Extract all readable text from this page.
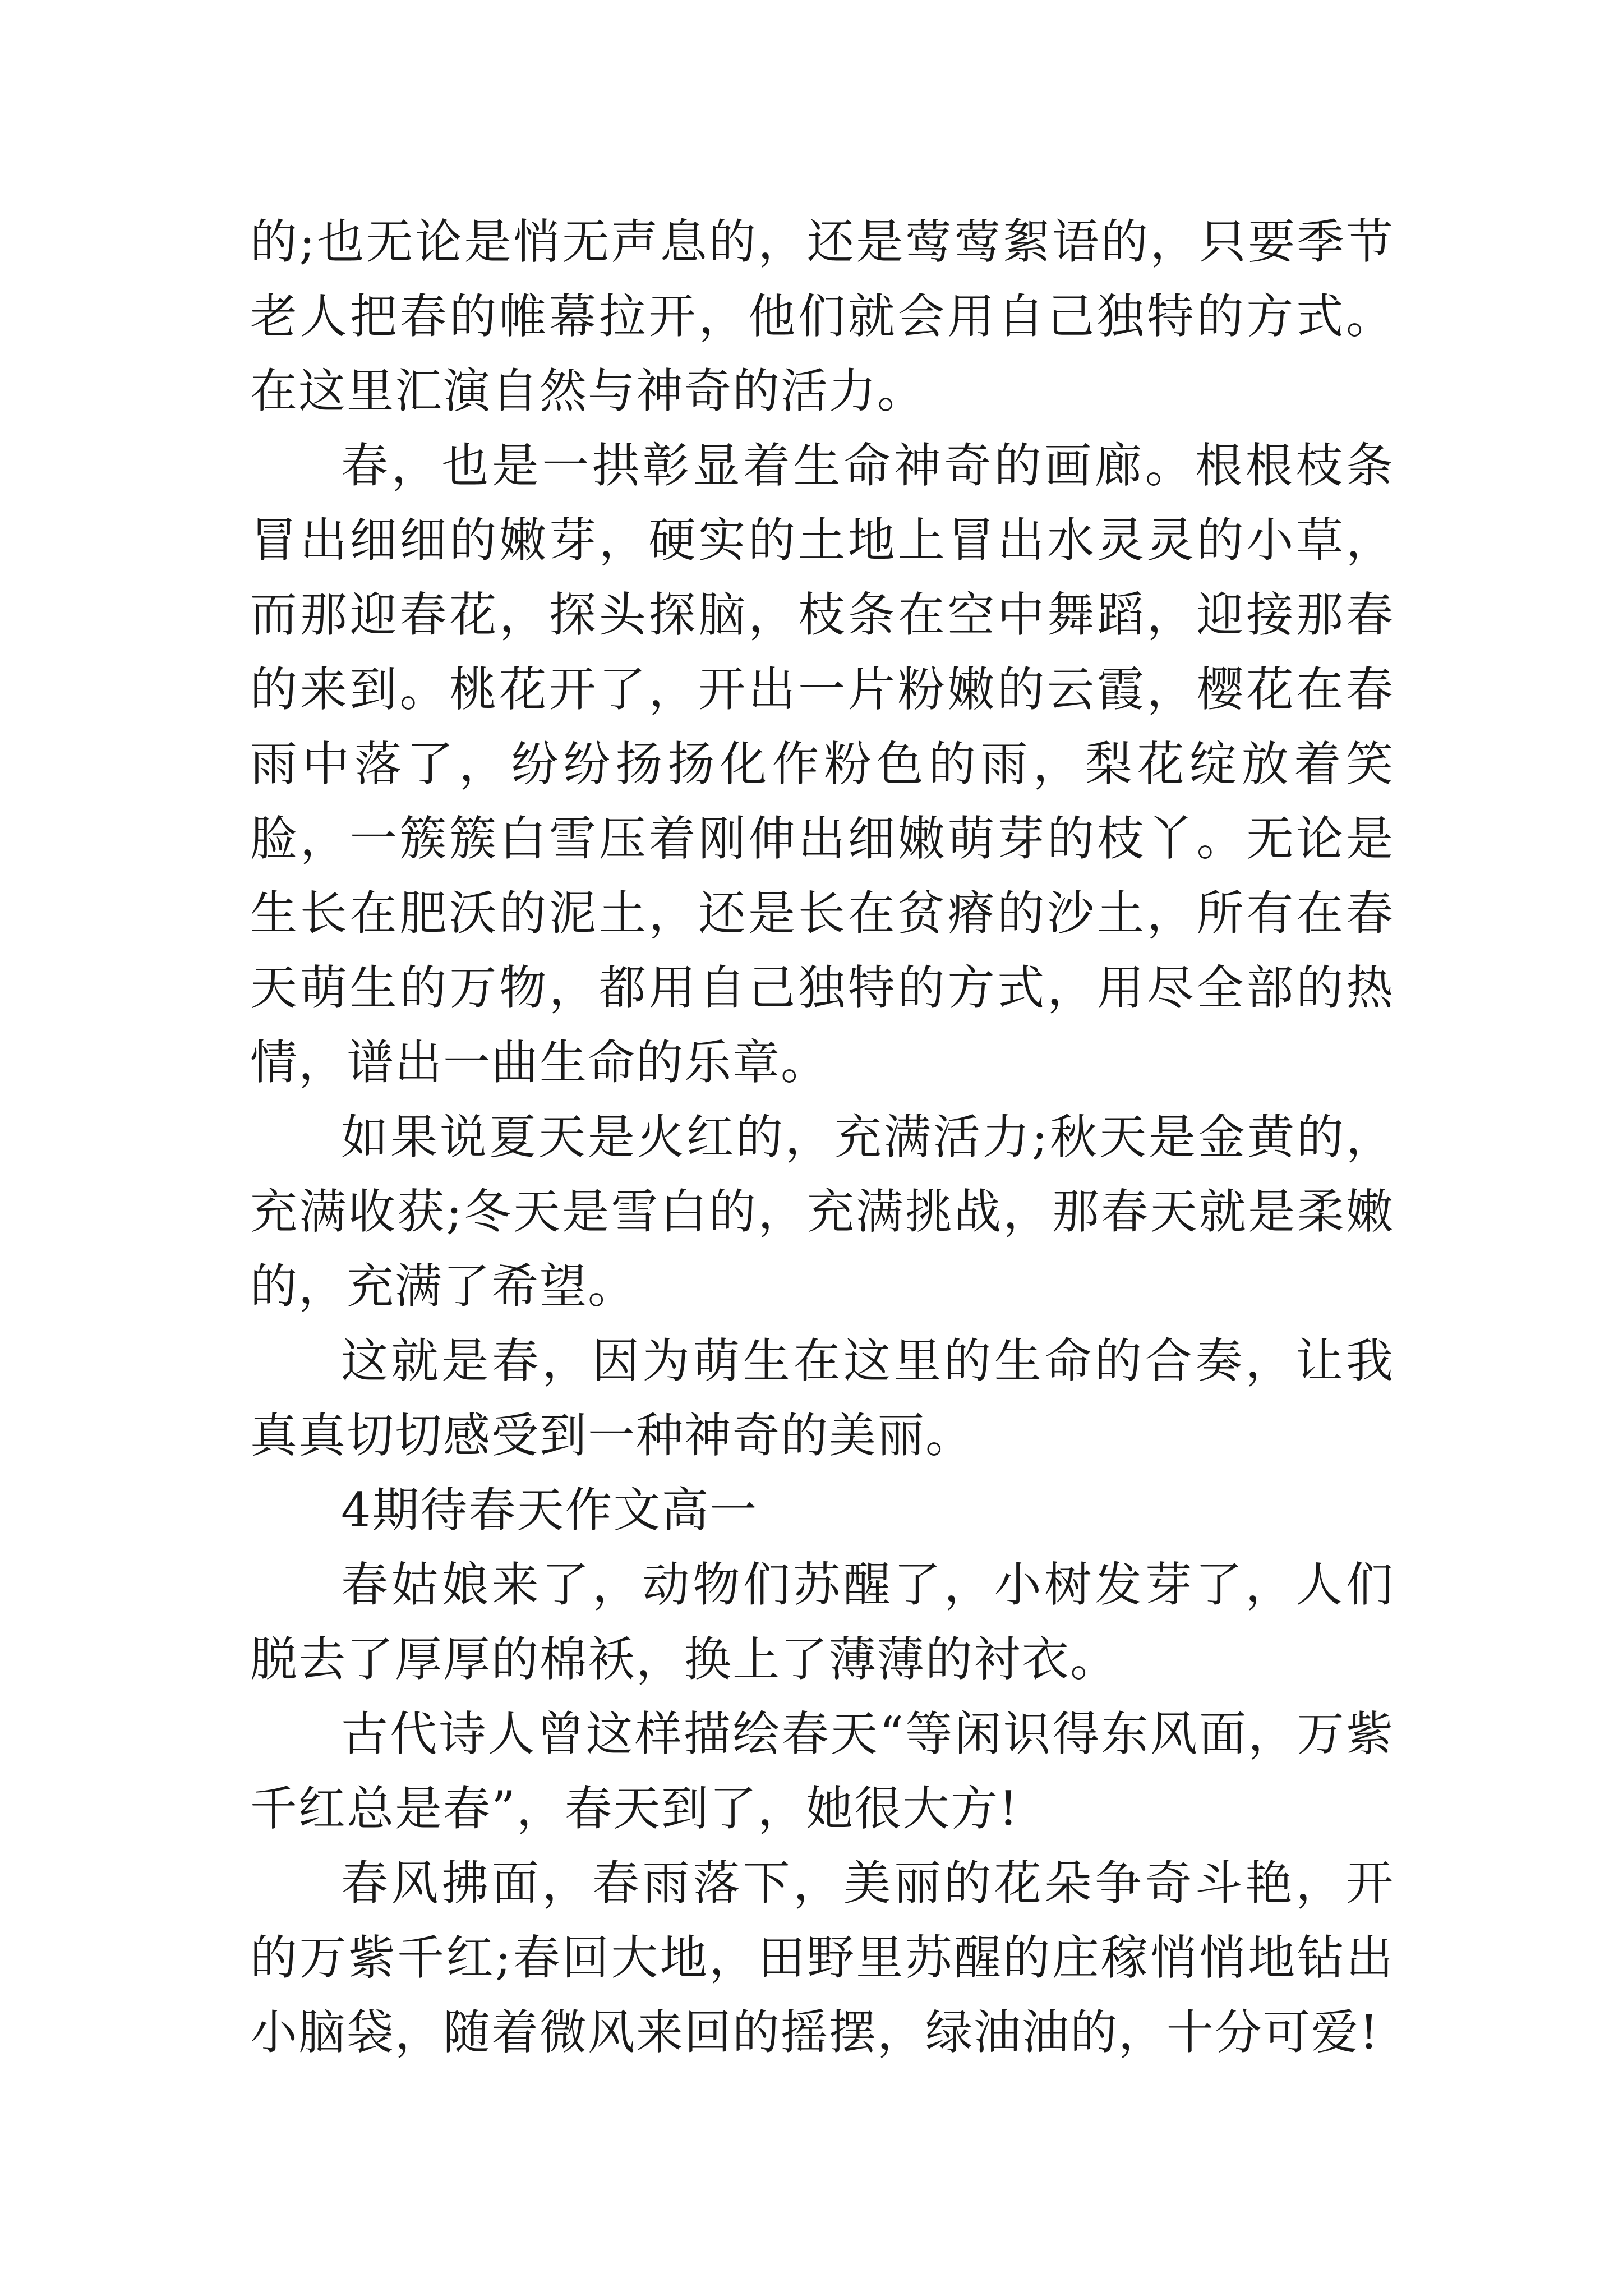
的;也无论是悄无声息的，还是莺莺絮语的，只要季节老人把春的帷幕拉开，他们就会用自己独特的方式。在这里汇演自然与神奇的活力。

春，也是一拱彰显着生命神奇的画廊。根根枝条冒出细细的嫩芽，硬实的土地上冒出水灵灵的小草，而那迎春花，探头探脑，枝条在空中舞蹈，迎接那春的来到。桃花开了，开出一片粉嫩的云霞，樱花在春雨中落了，纷纷扬扬化作粉色的雨，梨花绽放着笑脸，一簇簇白雪压着刚伸出细嫩萌芽的枝丫。无论是生长在肥沃的泥土，还是长在贫瘠的沙土，所有在春天萌生的万物，都用自己独特的方式，用尽全部的热情，谱出一曲生命的乐章。

如果说夏天是火红的，充满活力;秋天是金黄的，充满收获;冬天是雪白的，充满挑战，那春天就是柔嫩的，充满了希望。

这就是春，因为萌生在这里的生命的合奏，让我真真切切感受到一种神奇的美丽。

4期待春天作文高一

春姑娘来了，动物们苏醒了，小树发芽了，人们脱去了厚厚的棉袄，换上了薄薄的衬衣。

古代诗人曾这样描绘春天“等闲识得东风面，万紫千红总是春”，春天到了，她很大方!

春风拂面，春雨落下，美丽的花朵争奇斗艳，开的万紫千红;春回大地，田野里苏醒的庄稼悄悄地钻出小脑袋，随着微风来回的摇摆，绿油油的，十分可爱!
